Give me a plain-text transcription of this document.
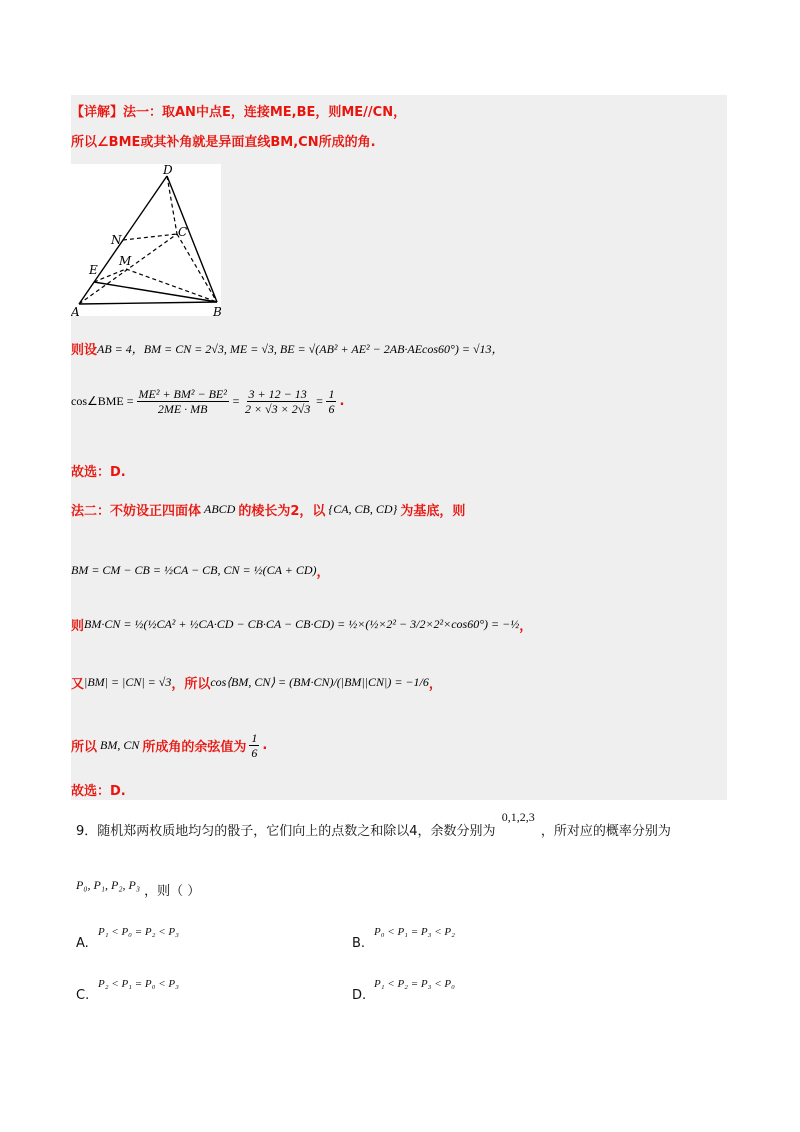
【详解】法一：取AN中点E，连接ME,BE，则ME//CN，
所以∠BME或其补角就是异面直线BM,CN所成的角.
D
N
C
E
M
A	B
则设 AB = 4，BM = CN = 2√3, ME = √3, BE = √(AB² + AE² − 2AB·AEcos60°) = √13，
cos∠BME = $\frac{\text{ME² + BM² − BE²}}{2ME \cdot MB} = \frac{3 + 12 - 13}{2 \times √3 \times 2√3} = \frac{1}{6}$ .
故选：D.
法二：不妨设正四面体 ABCD 的棱长为2，以 {CA, CB, CD} 为基底，则
BM = CM − CB = ½CA − CB, CN = ½(CA + CD) ，
则 BM·CN = ½(½CA² + ½CA·CD − CB·CA − CB·CD) = ½×(½×2² − 3/2×2²×cos60°) = −½ ，
又 |BM| = |CN| = √3 ，所以 cos⟨BM, CN⟩ = (BM·CN)/(|BM||CN|) = −1/6 ，
所以 BM, CN 所成角的余弦值为 $\frac{1}{6}$ .
故选：D.
9．随机郑两枚质地均匀的骰子，它们向上的点数之和除以4，余数分别为 0,1,2,3 ，所对应的概率分别为
P₀, P₁, P₂, P₃ ，则（ ）
A.
P₁ < P₀ = P₂ < P₃
B.
P₀ < P₁ = P₃ < P₂
C.
P₂ < P₁ = P₀ < P₃
D.
P₁ < P₂ = P₃ < P₀
